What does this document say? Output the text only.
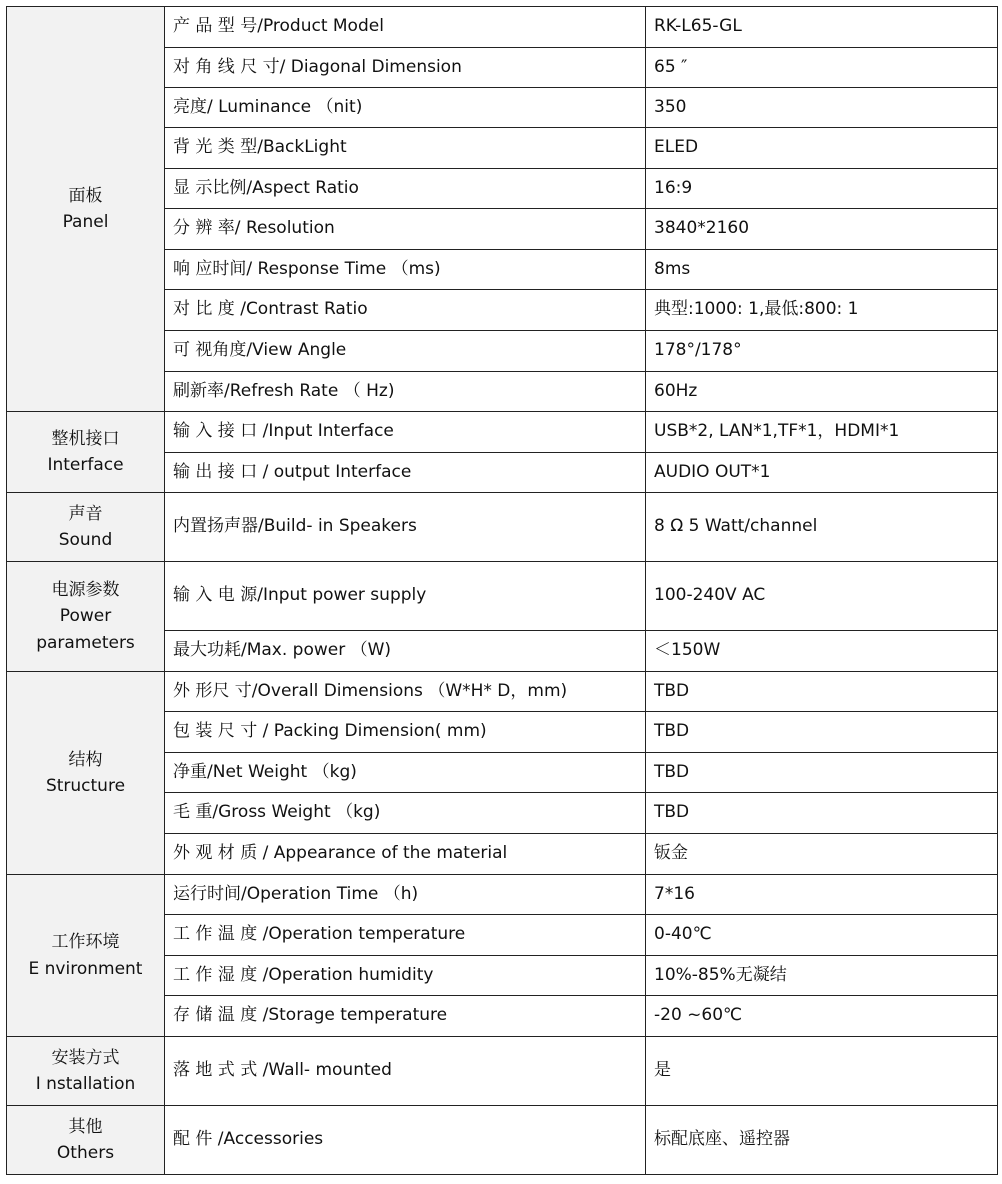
面板
Panel	产 品 型 号/Product Model	RK-L65-GL
	对 角 线 尺 寸/ Diagonal Dimension	65 ″
	亮度/ Luminance （nit)	350
	背 光 类 型/BackLight	ELED
	显 示比例/Aspect Ratio	16:9
	分 辨 率/ Resolution	3840*2160
	响 应时间/ Response Time （ms)	8ms
	对 比 度 /Contrast Ratio	典型:1000: 1,最低:800: 1
	可 视角度/View Angle	178°/178°
	刷新率/Refresh Rate （ Hz)	60Hz

整机接口
Interface	输 入 接 口 /Input Interface	USB*2, LAN*1,TF*1，HDMI*1
	输 出 接 口 / output Interface	AUDIO OUT*1

声音
Sound	内置扬声器/Build- in Speakers	8 Ω 5 Watt/channel

电源参数
Power
parameters	输 入 电 源/Input power supply	100-240V AC
	最大功耗/Max. power （W)	＜150W

结构
Structure	外 形尺 寸/Overall Dimensions （W*H* D，mm)	TBD
	包 装 尺 寸 / Packing Dimension( mm)	TBD
	净重/Net Weight （kg)	TBD
	毛 重/Gross Weight （kg)	TBD
	外 观 材 质 / Appearance of the material	钣金

工作环境
E nvironment	运行时间/Operation Time （h)	7*16
	工 作 温 度 /Operation temperature	0-40℃
	工 作 湿 度 /Operation humidity	10%-85%无凝结
	存 储 温 度 /Storage temperature	-20 ~60℃

安装方式
I nstallation	落 地 式 式 /Wall- mounted	是

其他
Others	配 件 /Accessories	标配底座、遥控器
